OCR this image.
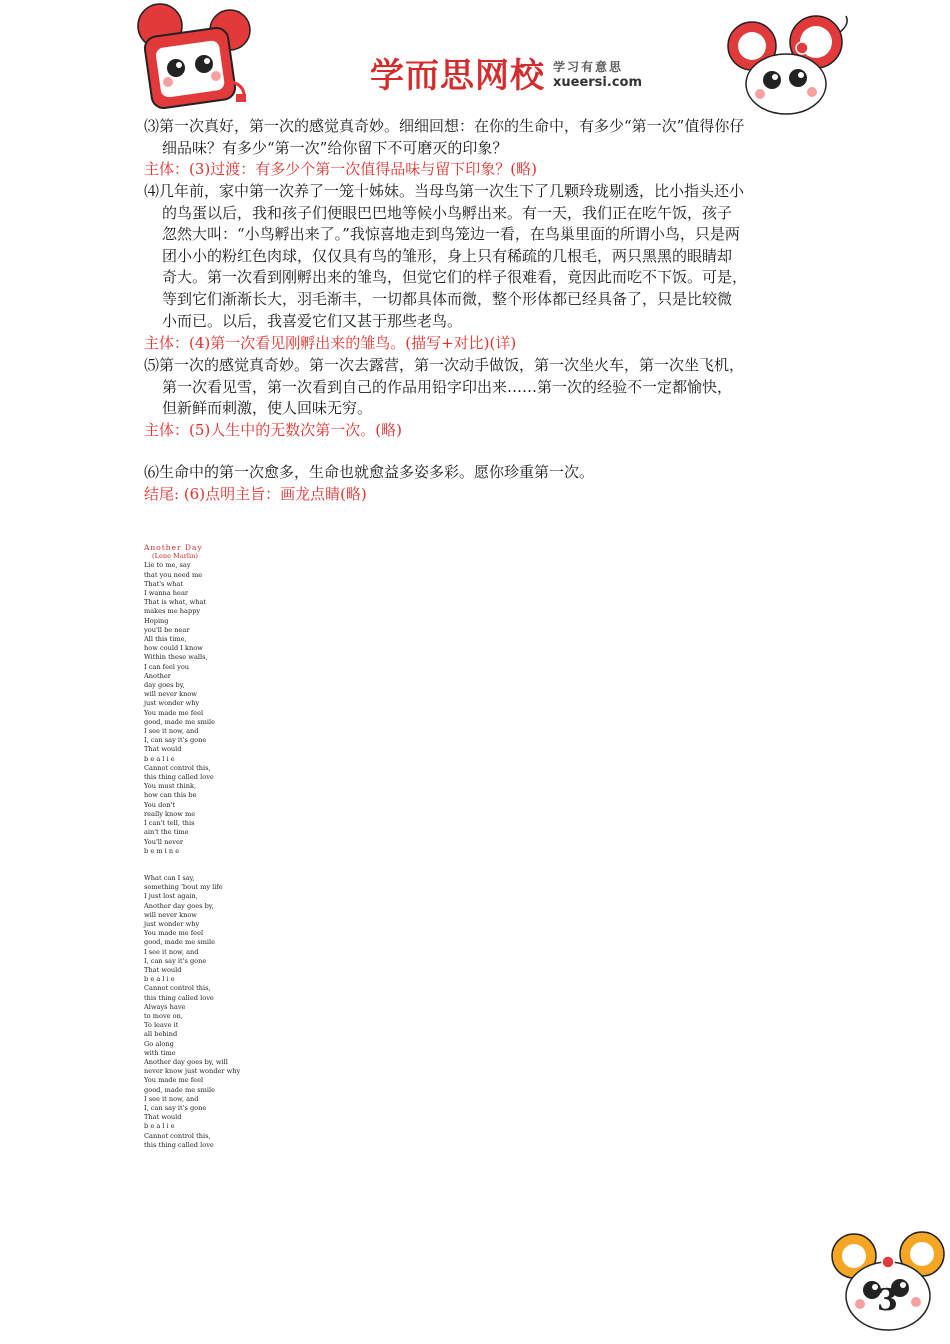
学而思网校 学习有意思
xueersi.com
⑶第一次真好，第一次的感觉真奇妙。细细回想：在你的生命中，有多少“第一次”值得你仔
细品味？有多少“第一次”给你留下不可磨灭的印象？
主体：(3)过渡：有多少个第一次值得品味与留下印象？(略)
⑷几年前，家中第一次养了一笼十姊妹。当母鸟第一次生下了几颗玲珑剔透，比小指头还小
的鸟蛋以后，我和孩子们便眼巴巴地等候小鸟孵出来。有一天，我们正在吃午饭，孩子
忽然大叫：“小鸟孵出来了。”我惊喜地走到鸟笼边一看，在鸟巢里面的所谓小鸟，只是两
团小小的粉红色肉球，仅仅具有鸟的雏形，身上只有稀疏的几根毛，两只黑黑的眼睛却
奇大。第一次看到刚孵出来的雏鸟，但觉它们的样子很难看，竟因此而吃不下饭。可是，
等到它们渐渐长大，羽毛渐丰，一切都具体而微，整个形体都已经具备了，只是比较微
小而已。以后，我喜爱它们又甚于那些老鸟。
主体：(4)第一次看见刚孵出来的雏鸟。(描写+对比)(详)
⑸第一次的感觉真奇妙。第一次去露营，第一次动手做饭，第一次坐火车，第一次坐飞机，
第一次看见雪，第一次看到自己的作品用铅字印出来……第一次的经验不一定都愉快，
但新鲜而刺激，使人回味无穷。
主体：(5)人生中的无数次第一次。(略)
⑹生命中的第一次愈多，生命也就愈益多姿多彩。愿你珍重第一次。
结尾: (6)点明主旨：画龙点睛(略)
Another Day
(Lene Marlin)
Lie to me, say
that you need me
That's what
I wanna hear
That is what, what
makes me happy
Hoping
you'll be near
All this time,
how could I know
Within these walls,
I can feel you
Another
day goes by,
will never know
just wonder why
You made me feel
good, made me smile
I see it now, and
I, can say it's gone
That would
b e a l i e
Cannot control this,
this thing called love
You must think,
how can this be
You don't
really know me
I can't tell, this
ain't the time
You'll never
b e m i n e
What can I say,
something 'bout my life
I just lost again,
Another day goes by,
will never know
just wonder why
You made me feel
good, made me smile
I see it now, and
I, can say it's gone
That would
b e a l i e
Cannot control this,
this thing called love
Always have
to move on,
To leave it
all behind
Go along
with time
Another day goes by, will
never know just wonder why
You made me feel
good, made me smile
I see it now, and
I, can say it's gone
That would
b e a l i e
Cannot control this,
this thing called love
3
